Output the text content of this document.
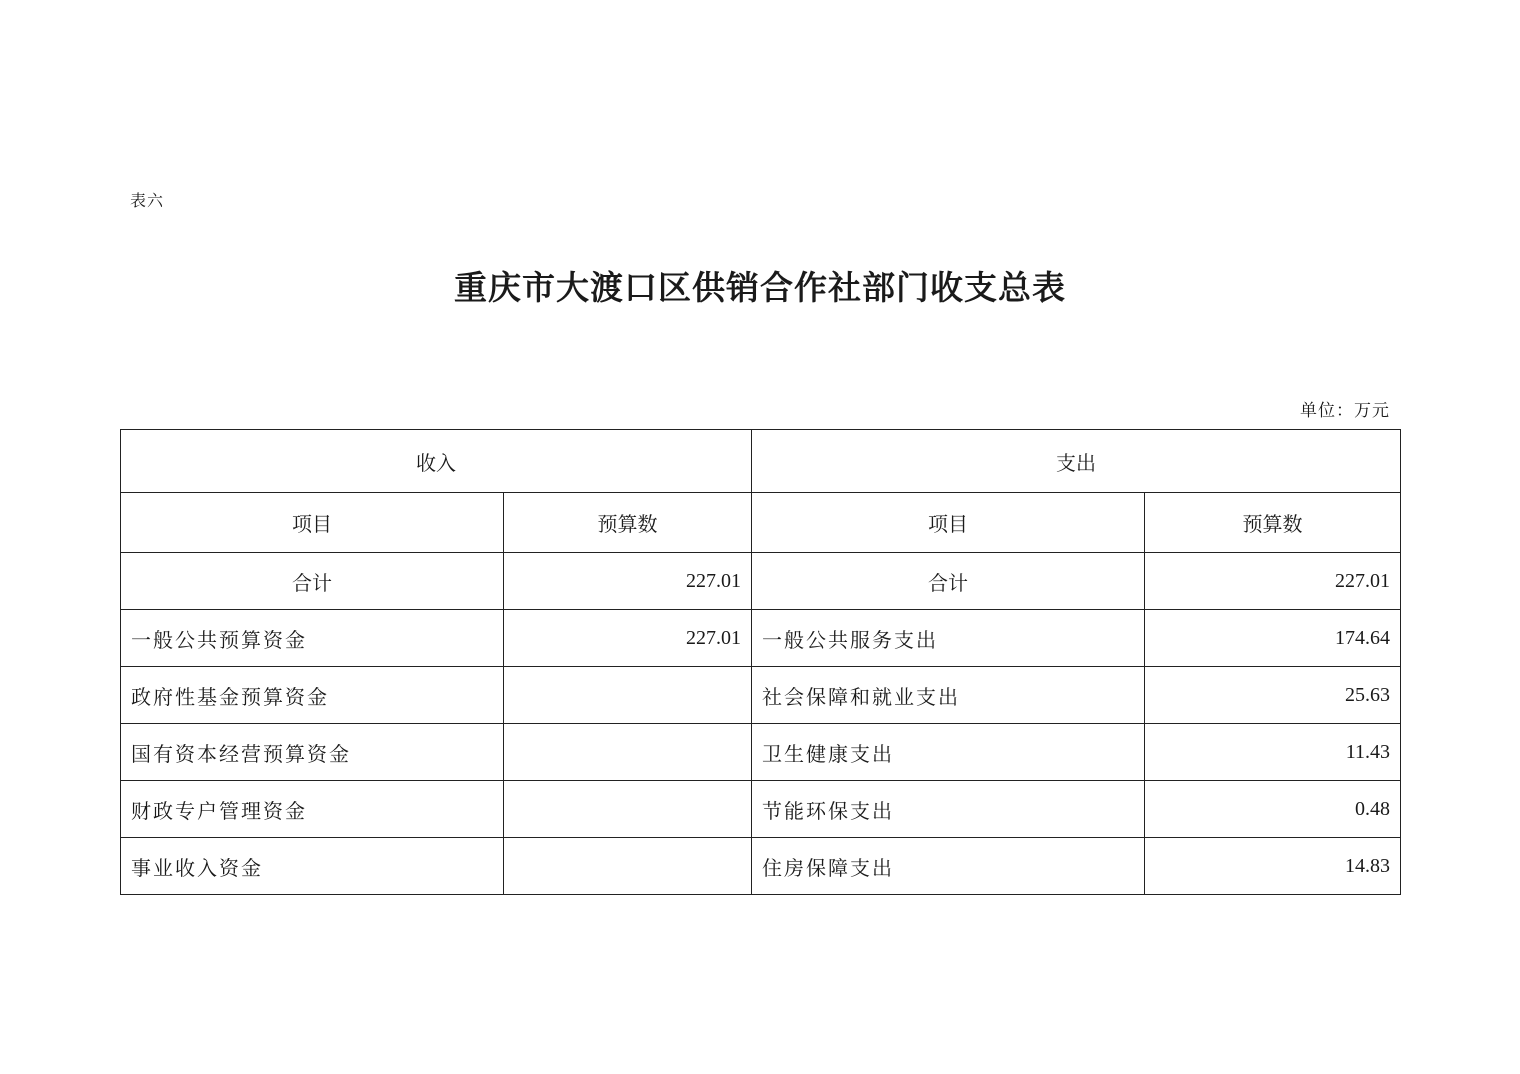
表六
重庆市大渡口区供销合作社部门收支总表
单位：万元
收入		支出	
项目	预算数	项目	预算数
合计	227.01	合计	227.01
一般公共预算资金	227.01	一般公共服务支出	174.64
政府性基金预算资金		社会保障和就业支出	25.63
国有资本经营预算资金		卫生健康支出	11.43
财政专户管理资金		节能环保支出	0.48
事业收入资金		住房保障支出	14.83
